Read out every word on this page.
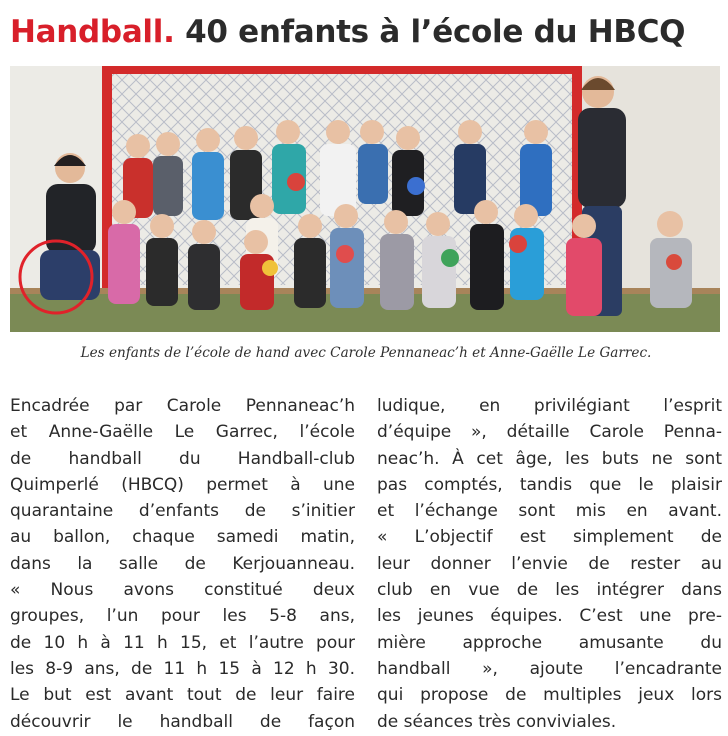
Handball. 40 enfants à l’école du HBCQ
Les enfants de l’école de hand avec Carole Pennaneac’h et Anne-Gaëlle Le Garrec.
Encadrée par Carole Pennaneac’h
et Anne-Gaëlle Le Garrec, l’école
de handball du Handball-club
Quimperlé (HBCQ) permet à une
quarantaine d’enfants de s’initier
au ballon, chaque samedi matin,
dans la salle de Kerjouanneau.
« Nous avons constitué deux
groupes, l’un pour les 5-8 ans,
de 10 h à 11 h 15, et l’autre pour
les 8-9 ans, de 11 h 15 à 12 h 30.
Le but est avant tout de leur faire
découvrir le handball de façon
ludique, en privilégiant l’esprit
d’équipe », détaille Carole Penna-
neac’h. À cet âge, les buts ne sont
pas comptés, tandis que le plaisir
et l’échange sont mis en avant.
« L’objectif est simplement de
leur donner l’envie de rester au
club en vue de les intégrer dans
les jeunes équipes. C’est une pre-
mière approche amusante du
handball », ajoute l’encadrante
qui propose de multiples jeux lors
de séances très conviviales.
